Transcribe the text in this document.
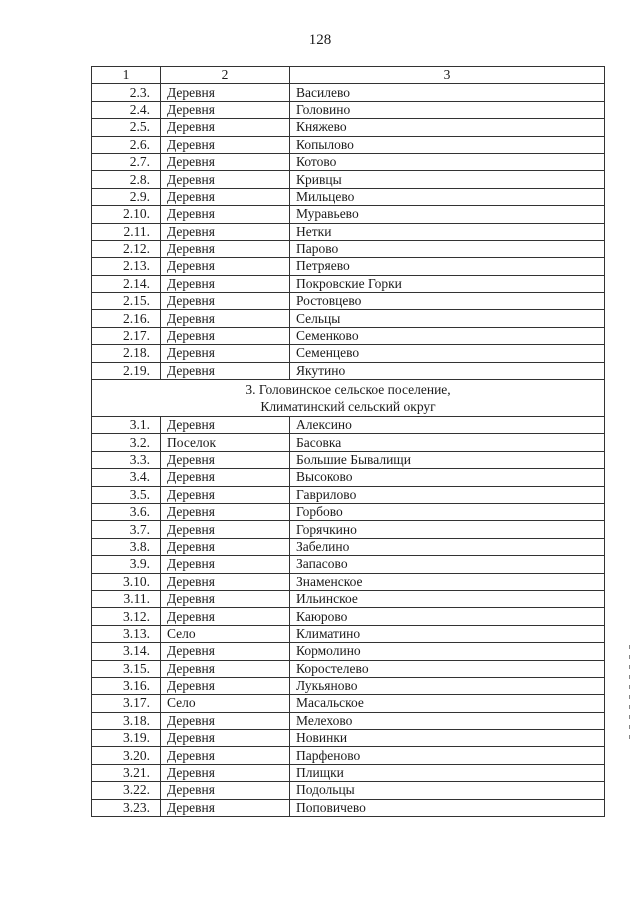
128
1	2	3
2.3.	Деревня	Василево
2.4.	Деревня	Головино
2.5.	Деревня	Княжево
2.6.	Деревня	Копылово
2.7.	Деревня	Котово
2.8.	Деревня	Кривцы
2.9.	Деревня	Мильцево
2.10.	Деревня	Муравьево
2.11.	Деревня	Нетки
2.12.	Деревня	Парово
2.13.	Деревня	Петряево
2.14.	Деревня	Покровские Горки
2.15.	Деревня	Ростовцево
2.16.	Деревня	Сельцы
2.17.	Деревня	Семенково
2.18.	Деревня	Семенцево
2.19.	Деревня	Якутино

3. Головинское сельское поселение,
Климатинский сельский округ		

3.1.	Деревня	Алексино
3.2.	Поселок	Басовка
3.3.	Деревня	Большие Бывалищи
3.4.	Деревня	Высоково
3.5.	Деревня	Гаврилово
3.6.	Деревня	Горбово
3.7.	Деревня	Горячкино
3.8.	Деревня	Забелино
3.9.	Деревня	Запасово
3.10.	Деревня	Знаменское
3.11.	Деревня	Ильинское
3.12.	Деревня	Каюрово
3.13.	Село	Климатино
3.14.	Деревня	Кормолино
3.15.	Деревня	Коростелево
3.16.	Деревня	Лукьяново
3.17.	Село	Масальское
3.18.	Деревня	Мелехово
3.19.	Деревня	Новинки
3.20.	Деревня	Парфеново
3.21.	Деревня	Плищки
3.22.	Деревня	Подольцы
3.23.	Деревня	Поповичево
